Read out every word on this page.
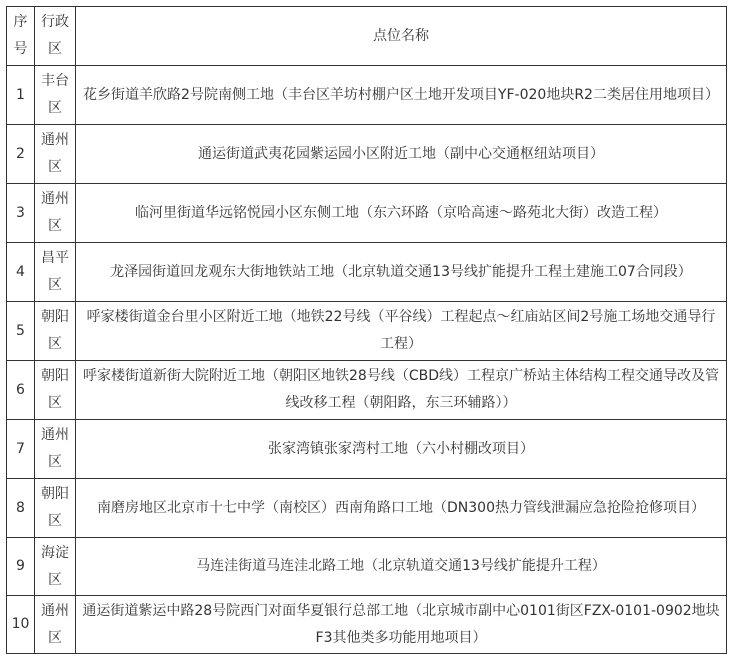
序号	行政区	点位名称
1	丰台区	花乡街道羊欣路2号院南侧工地（丰台区羊坊村棚户区土地开发项目YF-020地块R2二类居住用地项目）
2	通州区	通运街道武夷花园紫运园小区附近工地（副中心交通枢纽站项目）
3	通州区	临河里街道华远铭悦园小区东侧工地（东六环路（京哈高速～路苑北大街）改造工程）
4	昌平区	龙泽园街道回龙观东大街地铁站工地（北京轨道交通13号线扩能提升工程土建施工07合同段）
5	朝阳区	呼家楼街道金台里小区附近工地（地铁22号线（平谷线）工程起点～红庙站区间2号施工场地交通导行工程）
6	朝阳区	呼家楼街道新街大院附近工地（朝阳区地铁28号线（CBD线）工程京广桥站主体结构工程交通导改及管线改移工程（朝阳路，东三环辅路））
7	通州区	张家湾镇张家湾村工地（六小村棚改项目）
8	朝阳区	南磨房地区北京市十七中学（南校区）西南角路口工地（DN300热力管线泄漏应急抢险抢修项目）
9	海淀区	马连洼街道马连洼北路工地（北京轨道交通13号线扩能提升工程）
10	通州区	通运街道紫运中路28号院西门对面华夏银行总部工地（北京城市副中心0101街区FZX-0101-0902地块F3其他类多功能用地项目）
